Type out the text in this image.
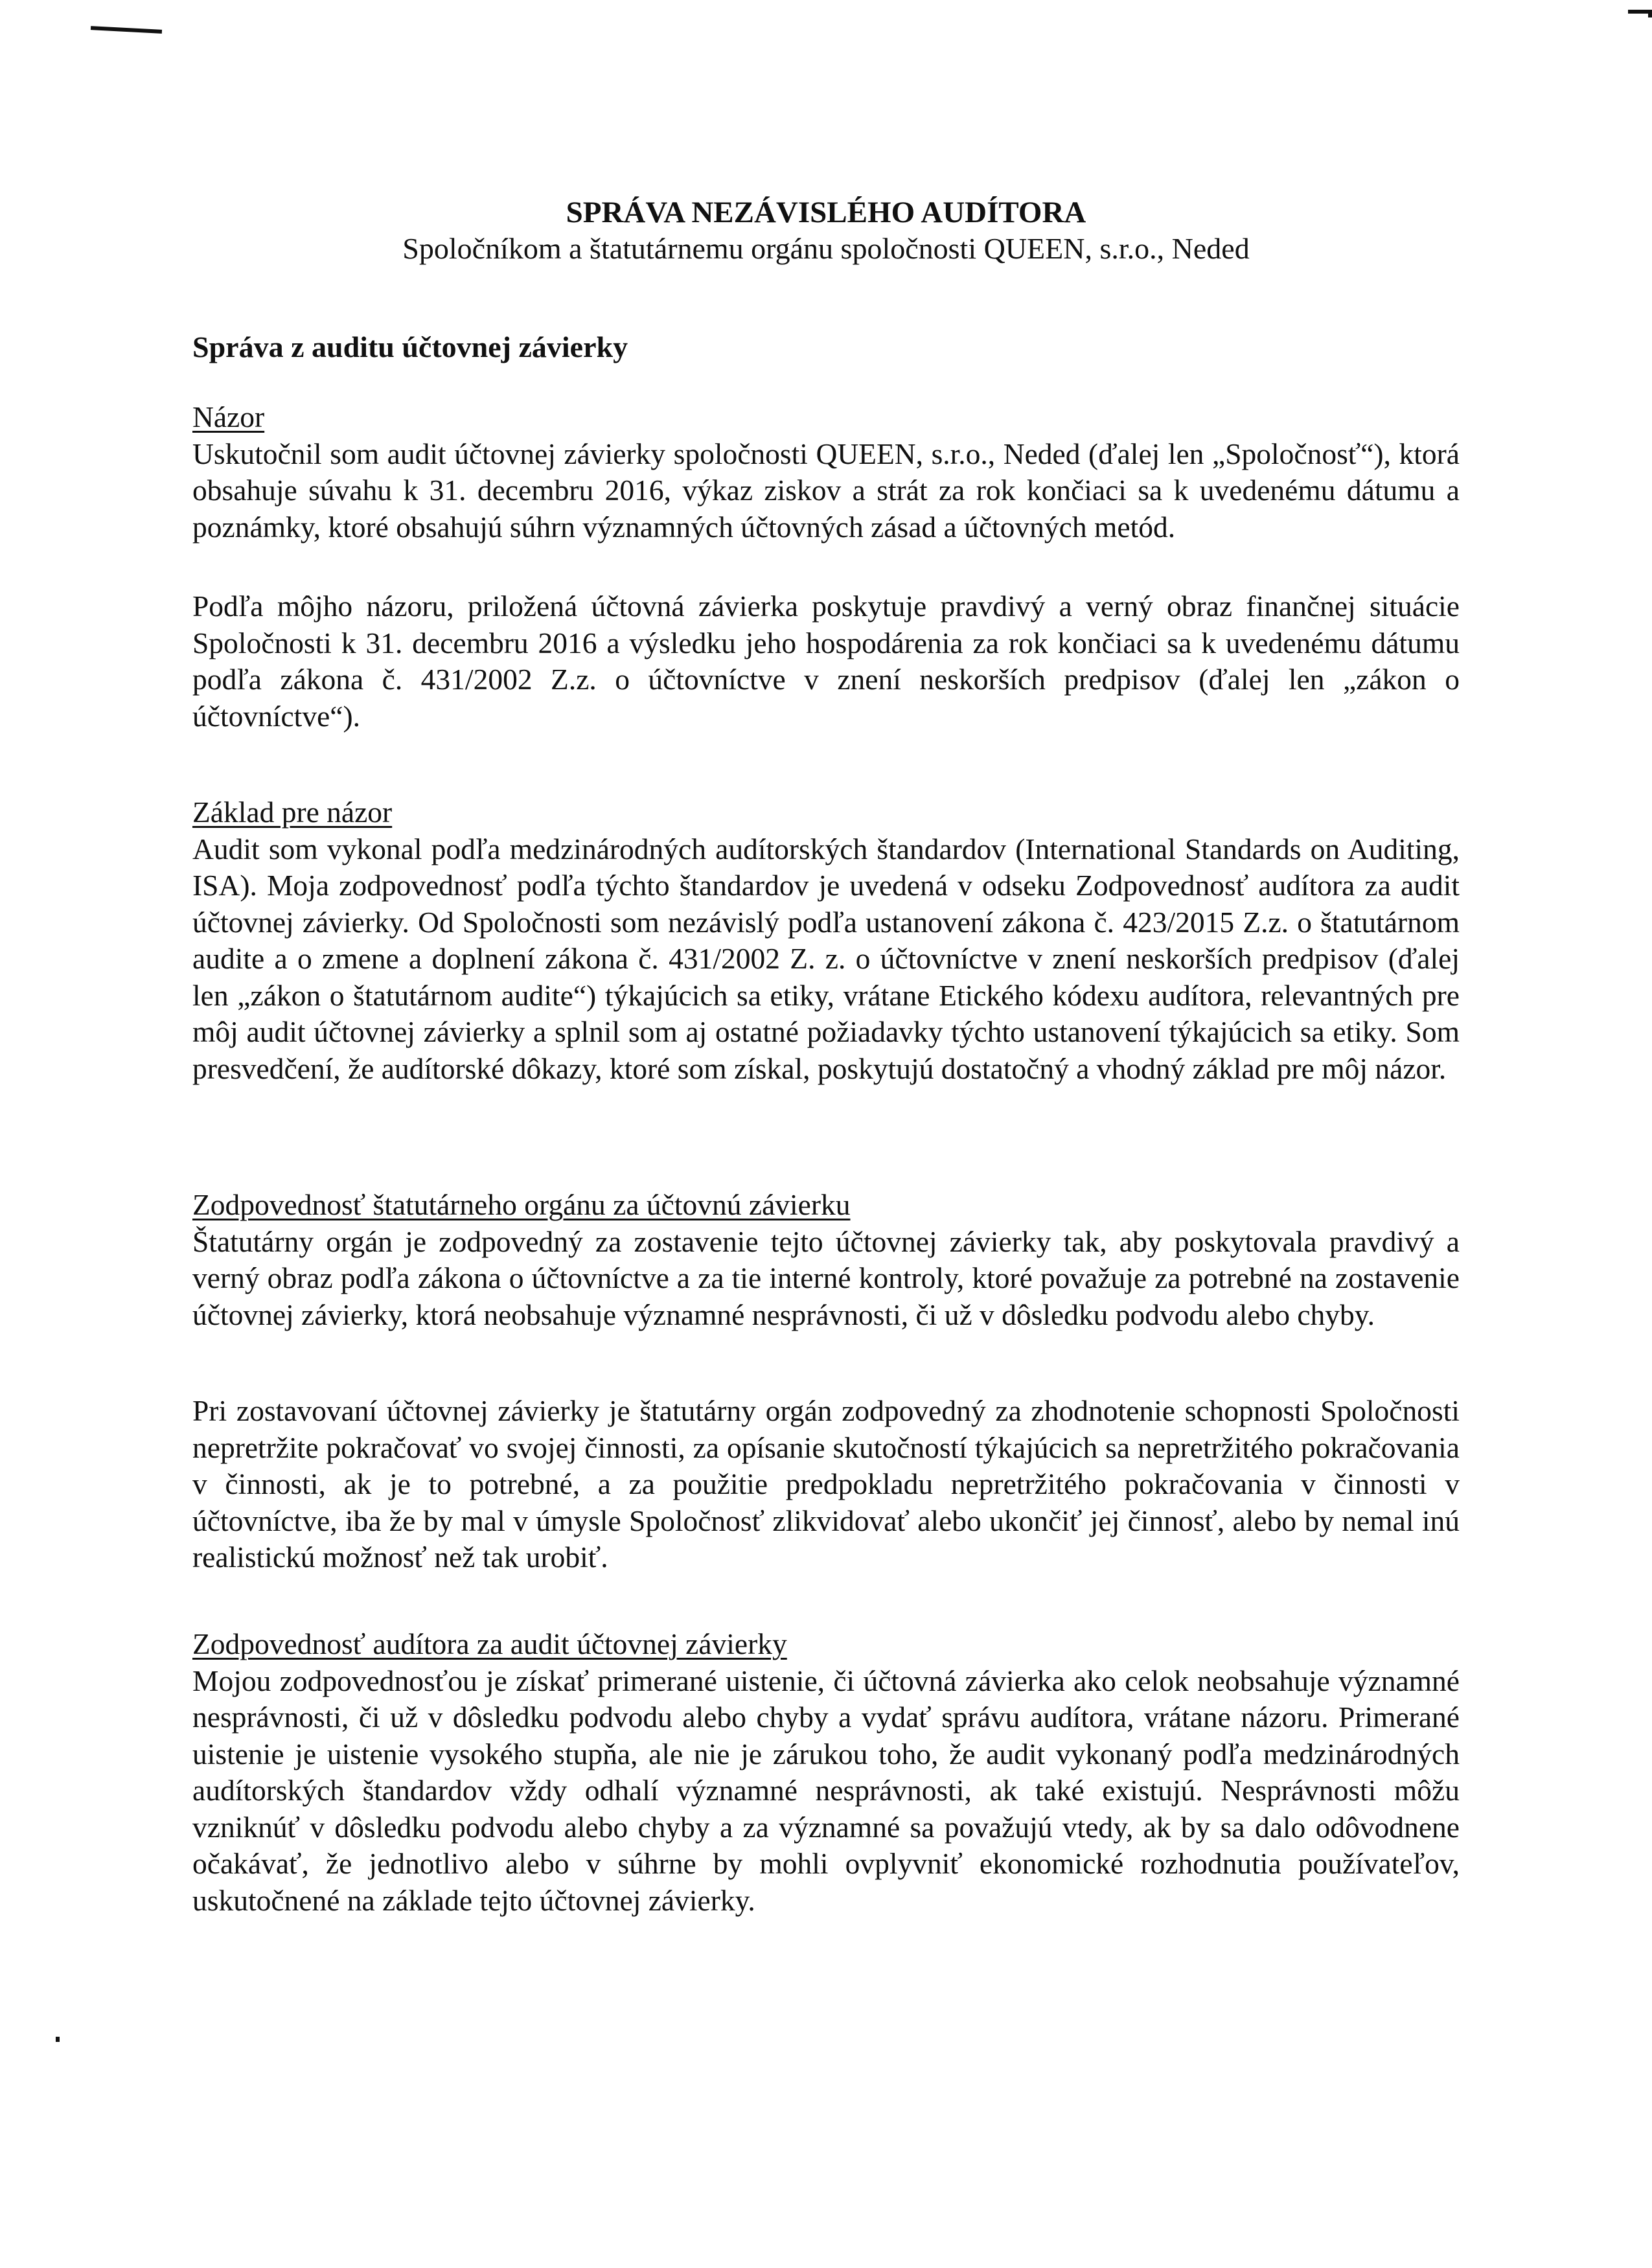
SPRÁVA NEZÁVISLÉHO AUDÍTORA
Spoločníkom a štatutárnemu orgánu spoločnosti QUEEN, s.r.o., Neded
Správa z auditu účtovnej závierky
Názor

Uskutočnil som audit účtovnej závierky spoločnosti QUEEN, s.r.o., Neded (ďalej len „Spoločnosť“), ktorá obsahuje súvahu k 31. decembru 2016, výkaz ziskov a strát za rok končiaci sa k uvedenému dátumu a poznámky, ktoré obsahujú súhrn významných účtovných zásad a účtovných metód.

Podľa môjho názoru, priložená účtovná závierka poskytuje pravdivý a verný obraz finančnej situácie Spoločnosti k 31. decembru 2016 a výsledku jeho hospodárenia za rok končiaci sa k uvedenému dátumu podľa zákona č. 431/2002 Z.z. o účtovníctve v znení neskorších predpisov (ďalej len „zákon o účtovníctve“).

Základ pre názor

Audit som vykonal podľa medzinárodných audítorských štandardov (International Standards on Auditing, ISA). Moja zodpovednosť podľa týchto štandardov je uvedená v odseku Zodpovednosť audítora za audit účtovnej závierky. Od Spoločnosti som nezávislý podľa ustanovení zákona č. 423/2015 Z.z. o štatutárnom audite a o zmene a doplnení zákona č. 431/2002 Z. z. o účtovníctve v znení neskorších predpisov (ďalej len „zákon o štatutárnom audite“) týkajúcich sa etiky, vrátane Etického kódexu audítora, relevantných pre môj audit účtovnej závierky a splnil som aj ostatné požiadavky týchto ustanovení týkajúcich sa etiky. Som presvedčení, že audítorské dôkazy, ktoré som získal, poskytujú dostatočný a vhodný základ pre môj názor.

Zodpovednosť štatutárneho orgánu za účtovnú závierku

Štatutárny orgán je zodpovedný za zostavenie tejto účtovnej závierky tak, aby poskytovala pravdivý a verný obraz podľa zákona o účtovníctve a za tie interné kontroly, ktoré považuje za potrebné na zostavenie účtovnej závierky, ktorá neobsahuje významné nesprávnosti, či už v dôsledku podvodu alebo chyby.

Pri zostavovaní účtovnej závierky je štatutárny orgán zodpovedný za zhodnotenie schopnosti Spoločnosti nepretržite pokračovať vo svojej činnosti, za opísanie skutočností týkajúcich sa nepretržitého pokračovania v činnosti, ak je to potrebné, a za použitie predpokladu nepretržitého pokračovania v činnosti v účtovníctve, iba že by mal v úmysle Spoločnosť zlikvidovať alebo ukončiť jej činnosť, alebo by nemal inú realistickú možnosť než tak urobiť.

Zodpovednosť audítora za audit účtovnej závierky

Mojou zodpovednosťou je získať primerané uistenie, či účtovná závierka ako celok neobsahuje významné nesprávnosti, či už v dôsledku podvodu alebo chyby a vydať správu audítora, vrátane názoru. Primerané uistenie je uistenie vysokého stupňa, ale nie je zárukou toho, že audit vykonaný podľa medzinárodných audítorských štandardov vždy odhalí významné nesprávnosti, ak také existujú. Nesprávnosti môžu vzniknúť v dôsledku podvodu alebo chyby a za významné sa považujú vtedy, ak by sa dalo odôvodnene očakávať, že jednotlivo alebo v súhrne by mohli ovplyvniť ekonomické rozhodnutia používateľov, uskutočnené na základe tejto účtovnej závierky.
